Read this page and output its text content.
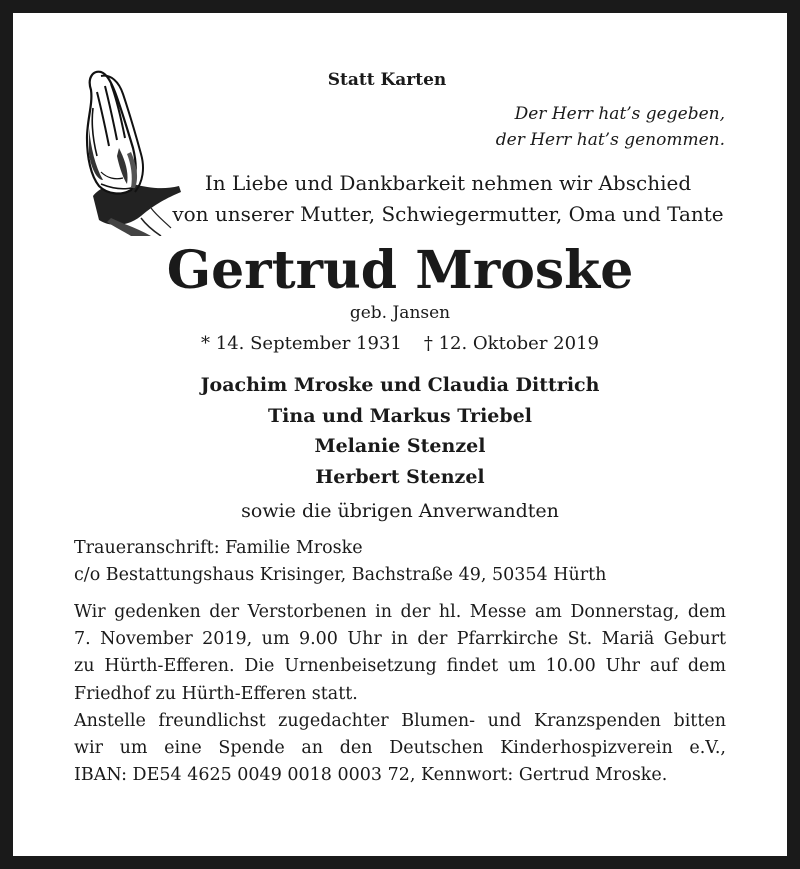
Statt Karten
Der Herr hat’s gegeben,
der Herr hat’s genommen.
In Liebe und Dankbarkeit nehmen wir Abschied
von unserer Mutter, Schwiegermutter, Oma und Tante
Gertrud Mroske
geb. Jansen
* 14. September 1931 † 12. Oktober 2019
Joachim Mroske und Claudia Dittrich
Tina und Markus Triebel
Melanie Stenzel
Herbert Stenzel
sowie die übrigen Anverwandten
Traueranschrift: Familie Mroske
c/o Bestattungshaus Krisinger, Bachstraße 49, 50354 Hürth
Wir gedenken der Verstorbenen in der hl. Messe am Donnerstag, dem
7. November 2019, um 9.00 Uhr in der Pfarrkirche St. Mariä Geburt
zu Hürth-Efferen. Die Urnenbeisetzung findet um 10.00 Uhr auf dem
Friedhof zu Hürth-Efferen statt.
Anstelle freundlichst zugedachter Blumen- und Kranzspenden bitten
wir um eine Spende an den Deutschen Kinderhospizverein e.V.,
IBAN: DE54 4625 0049 0018 0003 72, Kennwort: Gertrud Mroske.
